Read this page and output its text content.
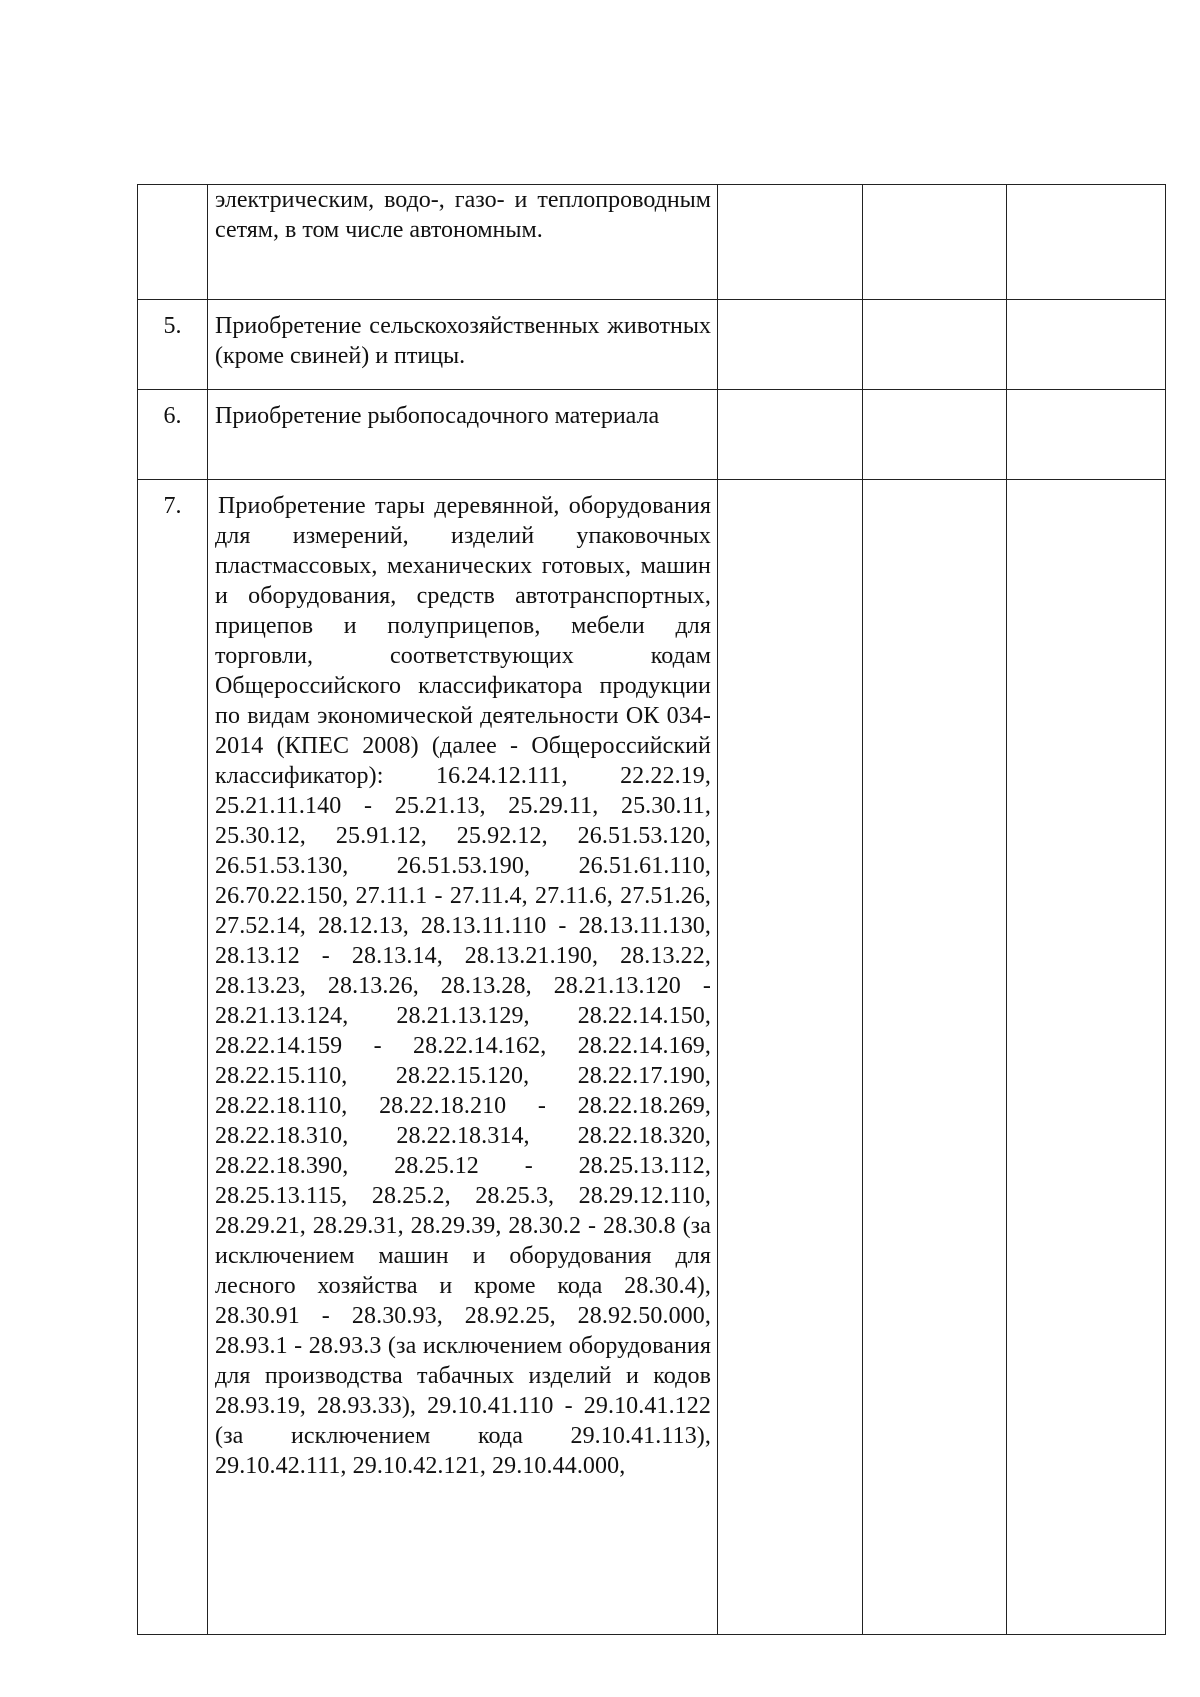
	электрическим, водо-, газо- и теплопроводным сетям, в том числе автономным.			

5.	Приобретение сельскохозяйственных животных (кроме свиней) и птицы.			

6.	Приобретение рыбопосадочного материала			

7.	Приобретение тары деревянной, оборудования для измерений, изделий упаковочных пластмассовых, механических готовых, машин и оборудования, средств автотранспортных, прицепов и полуприцепов, мебели для торговли, соответствующих кодам Общероссийского классификатора продукции по видам экономической деятельности ОК 034-2014 (КПЕС 2008) (далее - Общероссийский классификатор): 16.24.12.111, 22.22.19, 25.21.11.140 - 25.21.13, 25.29.11, 25.30.11, 25.30.12, 25.91.12, 25.92.12, 26.51.53.120, 26.51.53.130, 26.51.53.190, 26.51.61.110, 26.70.22.150, 27.11.1 - 27.11.4, 27.11.6, 27.51.26, 27.52.14, 28.12.13, 28.13.11.110 - 28.13.11.130, 28.13.12 - 28.13.14, 28.13.21.190, 28.13.22, 28.13.23, 28.13.26, 28.13.28, 28.21.13.120 - 28.21.13.124, 28.21.13.129, 28.22.14.150, 28.22.14.159 - 28.22.14.162, 28.22.14.169, 28.22.15.110, 28.22.15.120, 28.22.17.190, 28.22.18.110, 28.22.18.210 - 28.22.18.269, 28.22.18.310, 28.22.18.314, 28.22.18.320, 28.22.18.390, 28.25.12 - 28.25.13.112, 28.25.13.115, 28.25.2, 28.25.3, 28.29.12.110, 28.29.21, 28.29.31, 28.29.39, 28.30.2 - 28.30.8 (за исключением машин и оборудования для лесного хозяйства и кроме кода 28.30.4), 28.30.91 - 28.30.93, 28.92.25, 28.92.50.000, 28.93.1 - 28.93.3 (за исключением оборудования для производства табачных изделий и кодов 28.93.19, 28.93.33), 29.10.41.110 - 29.10.41.122 (за исключением кода 29.10.41.113), 29.10.42.111, 29.10.42.121, 29.10.44.000,			
